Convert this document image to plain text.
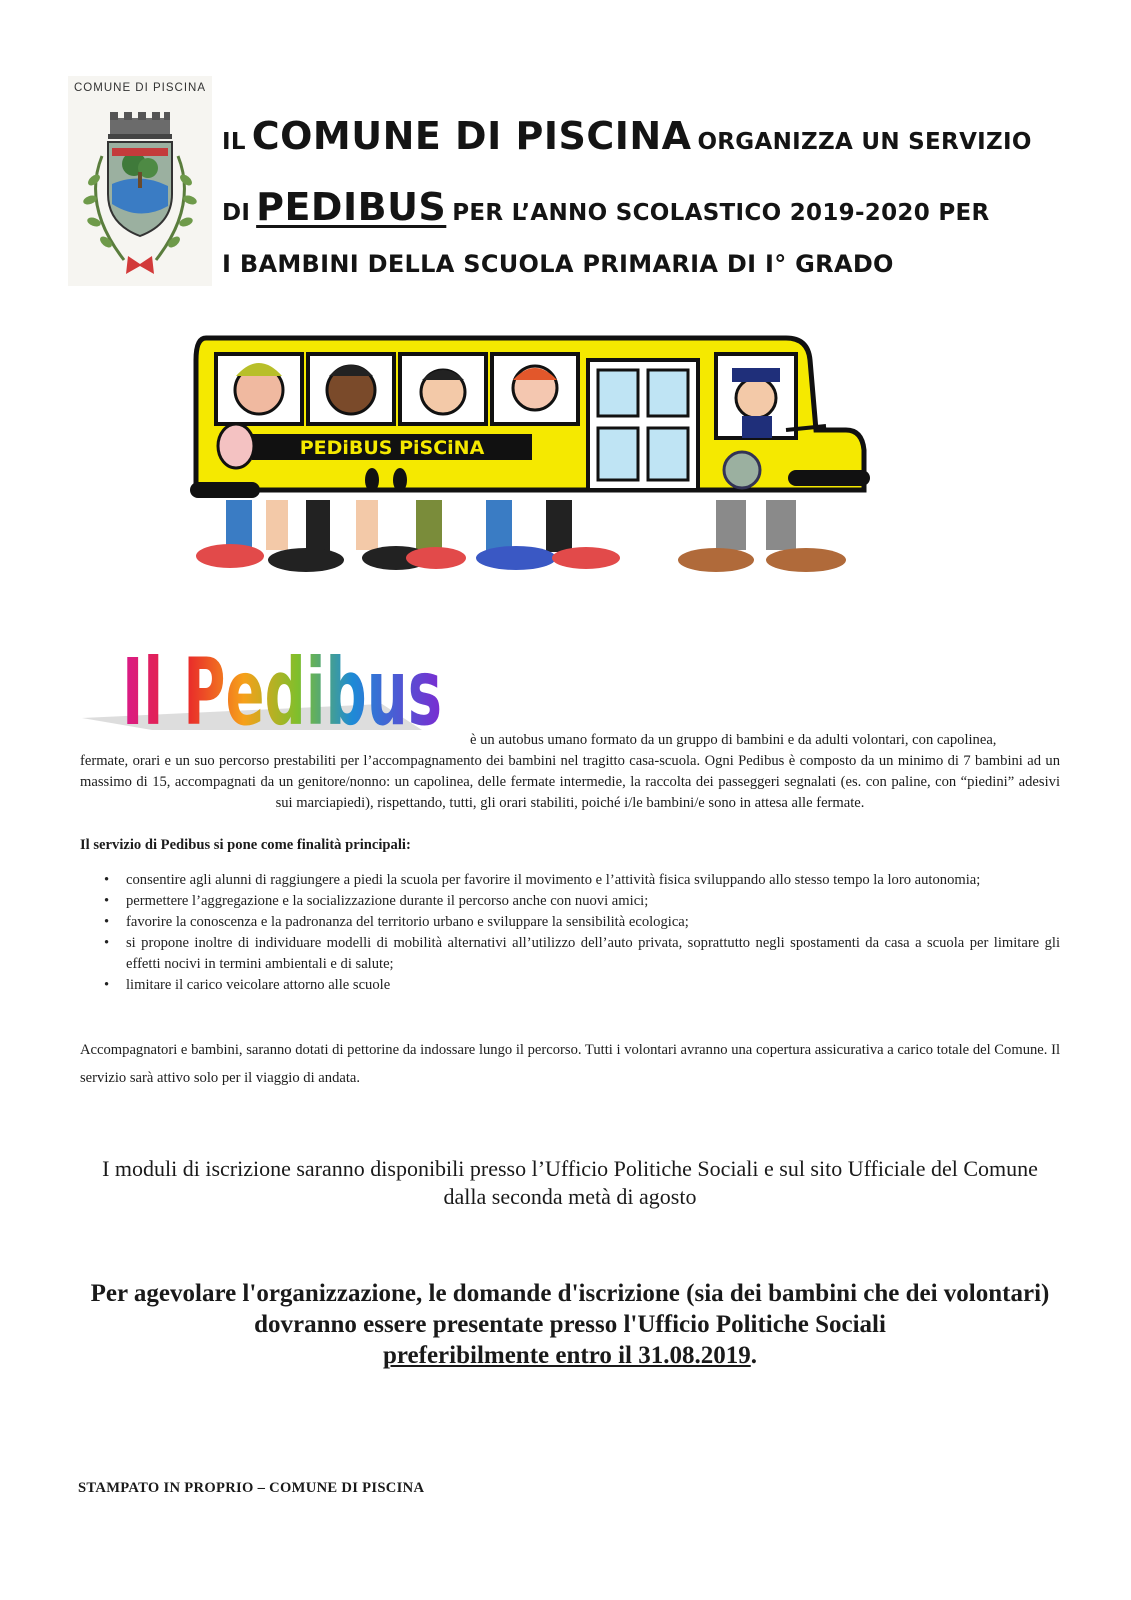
COMUNE DI PISCINA
IL COMUNE DI PISCINA ORGANIZZA UN SERVIZIO
DI PEDIBUS PER L’ANNO SCOLASTICO 2019-2020 PER
I BAMBINI DELLA SCUOLA PRIMARIA DI I° GRADO
PEDiBUS PiSCiNA
Il Pedibus è un autobus umano formato da un gruppo di bambini e da adulti volontari, con capolinea,
fermate, orari e un suo percorso prestabiliti per l’accompagnamento dei bambini nel tragitto casa-scuola. Ogni Pedibus è composto da un minimo di 7 bambini ad un massimo di 15, accompagnati da un genitore/nonno: un capolinea, delle fermate intermedie, la raccolta dei passeggeri segnalati (es. con paline, con “piedini” adesivi sui marciapiedi), rispettando, tutti, gli orari stabiliti, poiché i/le bambini/e sono in attesa alle fermate.
Il servizio di Pedibus si pone come finalità principali:
• consentire agli alunni di raggiungere a piedi la scuola per favorire il movimento e l’attività fisica sviluppando allo stesso tempo la loro autonomia;
• permettere l’aggregazione e la socializzazione durante il percorso anche con nuovi amici;
• favorire la conoscenza e la padronanza del territorio urbano e sviluppare la sensibilità ecologica;
• si propone inoltre di individuare modelli di mobilità alternativi all’utilizzo dell’auto privata, soprattutto negli spostamenti da casa a scuola per limitare gli effetti nocivi in termini ambientali e di salute;
• limitare il carico veicolare attorno alle scuole
Accompagnatori e bambini, saranno dotati di pettorine da indossare lungo il percorso. Tutti i volontari avranno una copertura assicurativa a carico totale del Comune. Il servizio sarà attivo solo per il viaggio di andata.
I moduli di iscrizione saranno disponibili presso l’Ufficio Politiche Sociali e sul sito Ufficiale del Comune dalla seconda metà di agosto
Per agevolare l'organizzazione, le domande d'iscrizione (sia dei bambini che dei volontari) dovranno essere presentate presso l'Ufficio Politiche Sociali
preferibilmente entro il 31.08.2019.
STAMPATO IN PROPRIO – COMUNE DI PISCINA
